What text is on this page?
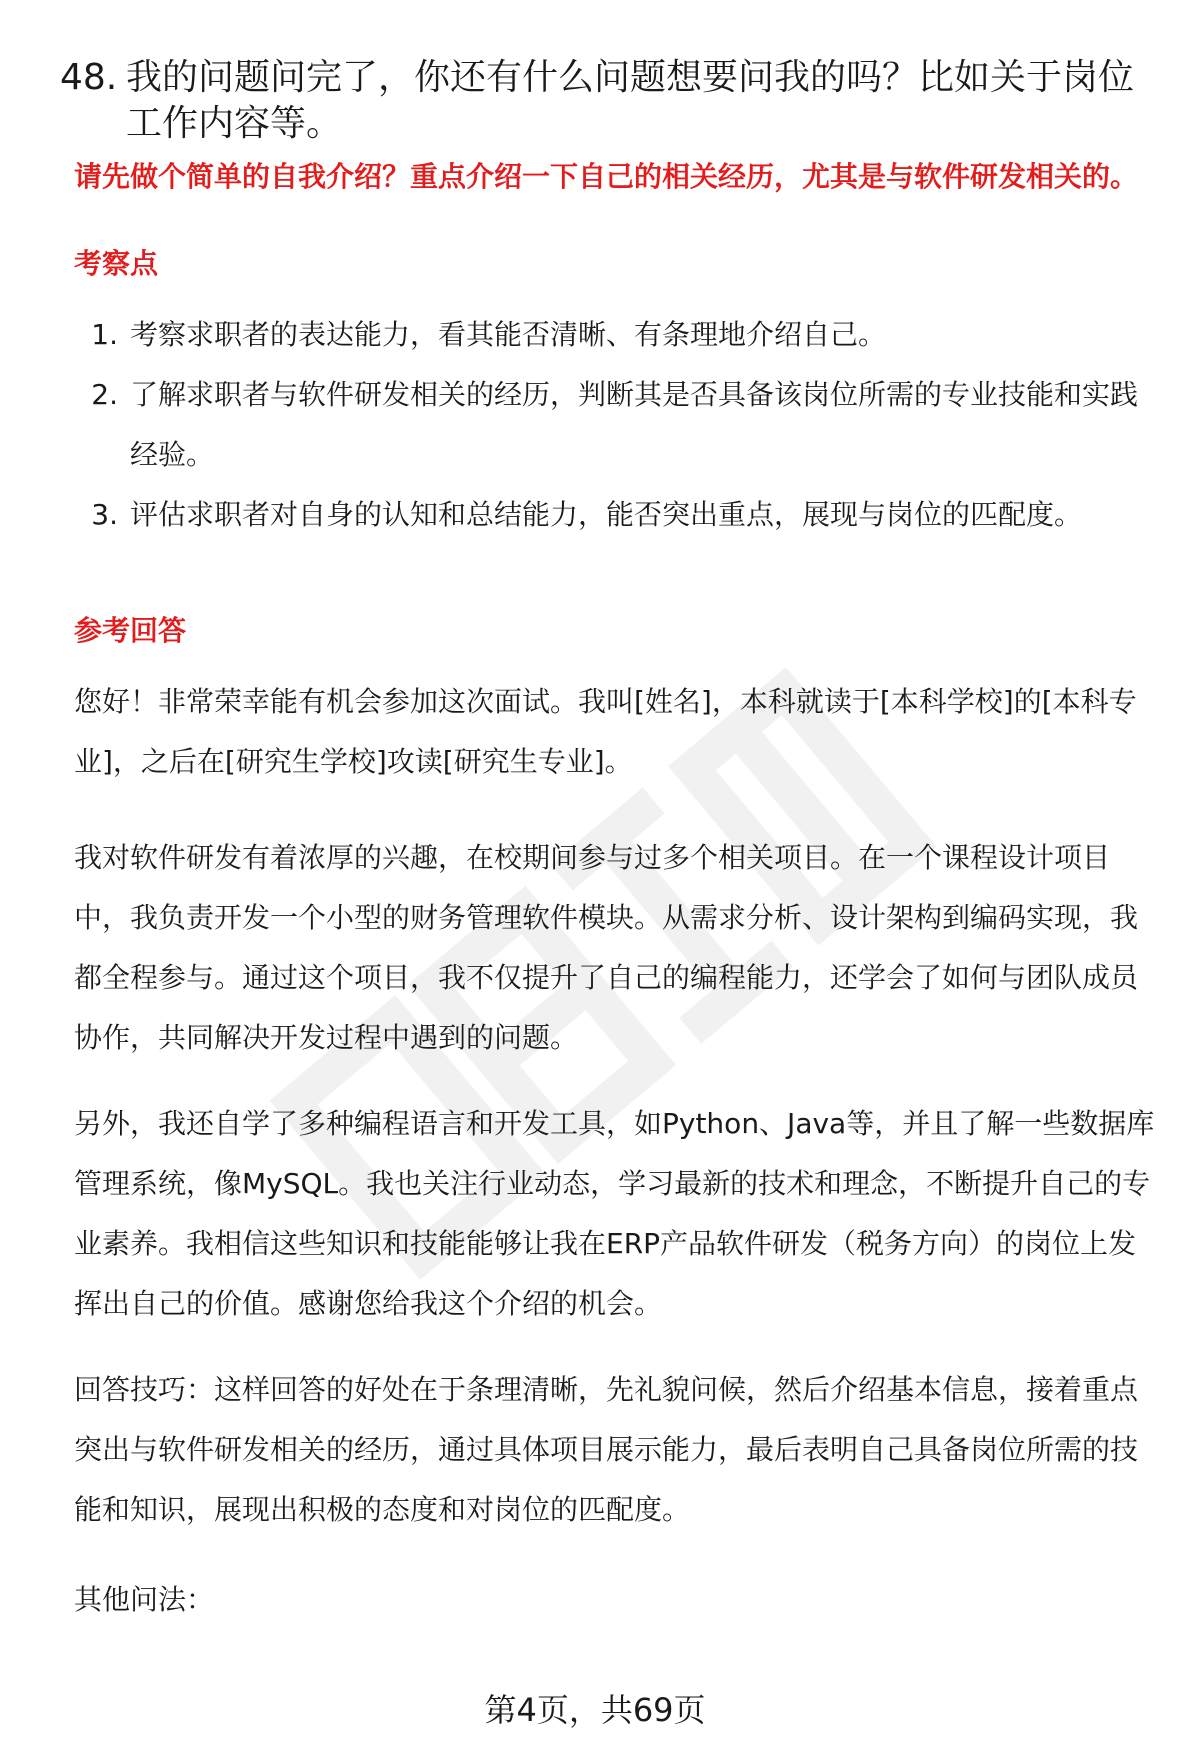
48. 我的问题问完了，你还有什么问题想要问我的吗？比如关于岗位工作内容等。
请先做个简单的自我介绍？重点介绍一下自己的相关经历，尤其是与软件研发相关的。
考察点
1. 考察求职者的表达能力，看其能否清晰、有条理地介绍自己。
2. 了解求职者与软件研发相关的经历，判断其是否具备该岗位所需的专业技能和实践经验。
3. 评估求职者对自身的认知和总结能力，能否突出重点，展现与岗位的匹配度。
参考回答

您好！非常荣幸能有机会参加这次面试。我叫[姓名]，本科就读于[本科学校]的[本科专业]，之后在[研究生学校]攻读[研究生专业]。

我对软件研发有着浓厚的兴趣，在校期间参与过多个相关项目。在一个课程设计项目中，我负责开发一个小型的财务管理软件模块。从需求分析、设计架构到编码实现，我都全程参与。通过这个项目，我不仅提升了自己的编程能力，还学会了如何与团队成员协作，共同解决开发过程中遇到的问题。

另外，我还自学了多种编程语言和开发工具，如Python、Java等，并且了解一些数据库管理系统，像MySQL。我也关注行业动态，学习最新的技术和理念，不断提升自己的专业素养。我相信这些知识和技能能够让我在ERP产品软件研发（税务方向）的岗位上发挥出自己的价值。感谢您给我这个介绍的机会。

回答技巧：这样回答的好处在于条理清晰，先礼貌问候，然后介绍基本信息，接着重点突出与软件研发相关的经历，通过具体项目展示能力，最后表明自己具备岗位所需的技能和知识，展现出积极的态度和对岗位的匹配度。

其他问法：

第4页，共69页
